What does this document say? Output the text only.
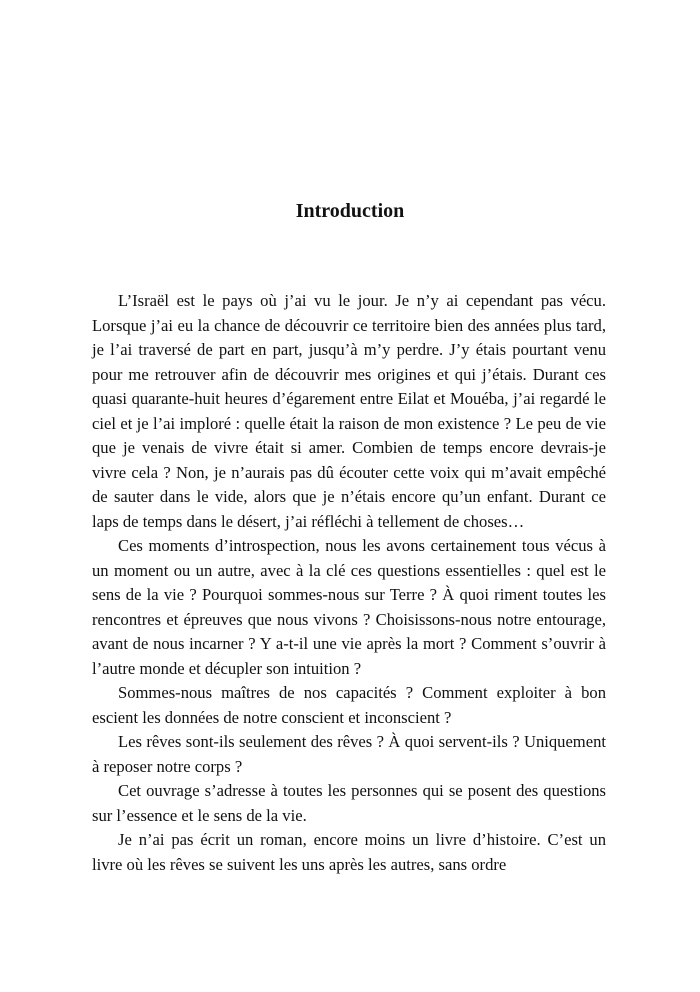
Introduction

L’Israël est le pays où j’ai vu le jour. Je n’y ai cependant pas vécu. Lorsque j’ai eu la chance de découvrir ce territoire bien des années plus tard, je l’ai traversé de part en part, jusqu’à m’y perdre. J’y étais pourtant venu pour me retrouver afin de découvrir mes origines et qui j’étais. Durant ces quasi quarante-huit heures d’égarement entre Eilat et Mouéba, j’ai regardé le ciel et je l’ai imploré : quelle était la raison de mon existence ? Le peu de vie que je venais de vivre était si amer. Combien de temps encore devrais-je vivre cela ? Non, je n’aurais pas dû écouter cette voix qui m’avait empêché de sauter dans le vide, alors que je n’étais encore qu’un enfant. Durant ce laps de temps dans le désert, j’ai réfléchi à tellement de choses…

Ces moments d’introspection, nous les avons certainement tous vécus à un moment ou un autre, avec à la clé ces questions essentielles : quel est le sens de la vie ? Pourquoi sommes-nous sur Terre ? À quoi riment toutes les rencontres et épreuves que nous vivons ? Choisissons-nous notre entourage, avant de nous incarner ? Y a-t-il une vie après la mort ? Comment s’ouvrir à l’autre monde et décupler son intuition ?

Sommes-nous maîtres de nos capacités ? Comment exploiter à bon escient les données de notre conscient et inconscient ?

Les rêves sont-ils seulement des rêves ? À quoi servent-ils ? Uniquement à reposer notre corps ?

Cet ouvrage s’adresse à toutes les personnes qui se posent des questions sur l’essence et le sens de la vie.

Je n’ai pas écrit un roman, encore moins un livre d’histoire. C’est un livre où les rêves se suivent les uns après les autres, sans ordre
